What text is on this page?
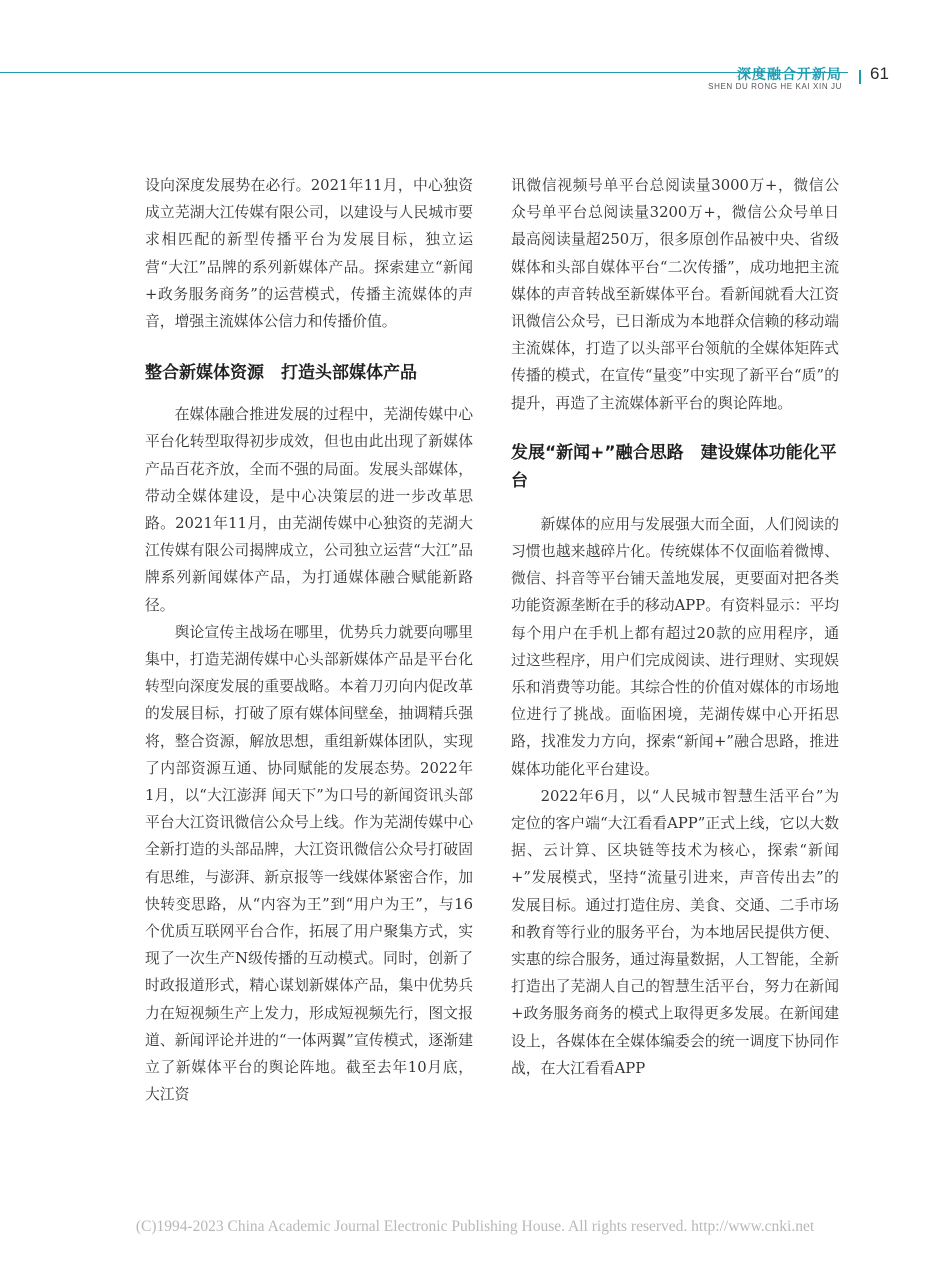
深度融合开新局
SHEN DU RONG HE KAI XIN JU
61

设向深度发展势在必行。2021年11月，中心独资成立芜湖大江传媒有限公司，以建设与人民城市要求相匹配的新型传播平台为发展目标，独立运营“大江”品牌的系列新媒体产品。探索建立“新闻+政务服务商务”的运营模式，传播主流媒体的声音，增强主流媒体公信力和传播价值。

整合新媒体资源　打造头部媒体产品

在媒体融合推进发展的过程中，芜湖传媒中心平台化转型取得初步成效，但也由此出现了新媒体产品百花齐放，全而不强的局面。发展头部媒体，带动全媒体建设，是中心决策层的进一步改革思路。2021年11月，由芜湖传媒中心独资的芜湖大江传媒有限公司揭牌成立，公司独立运营“大江”品牌系列新闻媒体产品，为打通媒体融合赋能新路径。

舆论宣传主战场在哪里，优势兵力就要向哪里集中，打造芜湖传媒中心头部新媒体产品是平台化转型向深度发展的重要战略。本着刀刃向内促改革的发展目标，打破了原有媒体间壁垒，抽调精兵强将，整合资源，解放思想，重组新媒体团队，实现了内部资源互通、协同赋能的发展态势。2022年1月，以“大江澎湃 闻天下”为口号的新闻资讯头部平台大江资讯微信公众号上线。作为芜湖传媒中心全新打造的头部品牌，大江资讯微信公众号打破固有思维，与澎湃、新京报等一线媒体紧密合作，加快转变思路，从“内容为王”到“用户为王”，与16个优质互联网平台合作，拓展了用户聚集方式，实现了一次生产N级传播的互动模式。同时，创新了时政报道形式，精心谋划新媒体产品，集中优势兵力在短视频生产上发力，形成短视频先行，图文报道、新闻评论并进的“一体两翼”宣传模式，逐渐建立了新媒体平台的舆论阵地。截至去年10月底，大江资

讯微信视频号单平台总阅读量3000万+，微信公众号单平台总阅读量3200万+，微信公众号单日最高阅读量超250万，很多原创作品被中央、省级媒体和头部自媒体平台“二次传播”，成功地把主流媒体的声音转战至新媒体平台。看新闻就看大江资讯微信公众号，已日渐成为本地群众信赖的移动端主流媒体，打造了以头部平台领航的全媒体矩阵式传播的模式，在宣传“量变”中实现了新平台“质”的提升，再造了主流媒体新平台的舆论阵地。

发展“新闻+”融合思路　建设媒体功能化平台

新媒体的应用与发展强大而全面，人们阅读的习惯也越来越碎片化。传统媒体不仅面临着微博、微信、抖音等平台铺天盖地发展，更要面对把各类功能资源垄断在手的移动APP。有资料显示：平均每个用户在手机上都有超过20款的应用程序，通过这些程序，用户们完成阅读、进行理财、实现娱乐和消费等功能。其综合性的价值对媒体的市场地位进行了挑战。面临困境，芜湖传媒中心开拓思路，找准发力方向，探索“新闻+”融合思路，推进媒体功能化平台建设。

2022年6月，以“人民城市智慧生活平台”为定位的客户端“大江看看APP”正式上线，它以大数据、云计算、区块链等技术为核心，探索“新闻+”发展模式，坚持“流量引进来，声音传出去”的发展目标。通过打造住房、美食、交通、二手市场和教育等行业的服务平台，为本地居民提供方便、实惠的综合服务，通过海量数据，人工智能，全新打造出了芜湖人自己的智慧生活平台，努力在新闻+政务服务商务的模式上取得更多发展。在新闻建设上，各媒体在全媒体编委会的统一调度下协同作战，在大江看看APP

(C)1994-2023 China Academic Journal Electronic Publishing House. All rights reserved. http://www.cnki.net
